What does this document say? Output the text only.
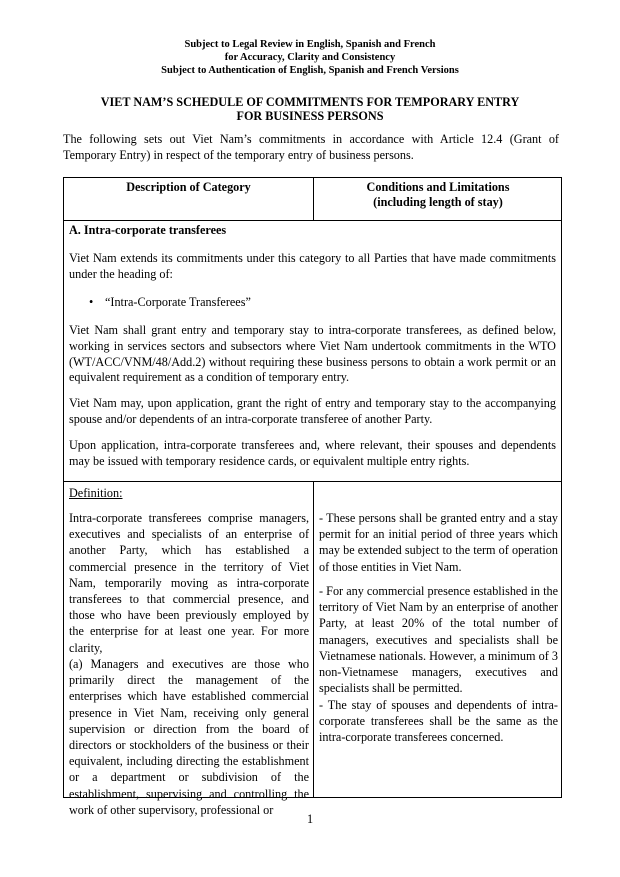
Subject to Legal Review in English, Spanish and French
for Accuracy, Clarity and Consistency
Subject to Authentication of English, Spanish and French Versions
VIET NAM’S SCHEDULE OF COMMITMENTS FOR TEMPORARY ENTRY
FOR BUSINESS PERSONS

The following sets out Viet Nam’s commitments in accordance with Article 12.4 (Grant of Temporary Entry) in respect of the temporary entry of business persons.

Description of Category	Conditions and Limitations
(including length of stay)
A. Intra-corporate transferees

Viet Nam extends its commitments under this category to all Parties that have made commitments under the heading of:

• “Intra-Corporate Transferees”

Viet Nam shall grant entry and temporary stay to intra-corporate transferees, as defined below, working in services sectors and subsectors where Viet Nam undertook commitments in the WTO (WT/ACC/VNM/48/Add.2) without requiring these business persons to obtain a work permit or an equivalent requirement as a condition of temporary entry.

Viet Nam may, upon application, grant the right of entry and temporary stay to the accompanying spouse and/or dependents of an intra-corporate transferee of another Party.

Upon application, intra-corporate transferees and, where relevant, their spouses and dependents may be issued with temporary residence cards, or equivalent multiple entry rights.

Definition:

Intra-corporate transferees comprise managers, executives and specialists of an enterprise of another Party, which has established a commercial presence in the territory of Viet Nam, temporarily moving as intra-corporate transferees to that commercial presence, and those who have been previously employed by the enterprise for at least one year. For more clarity,

(a) Managers and executives are those who primarily direct the management of the enterprises which have established commercial presence in Viet Nam, receiving only general supervision or direction from the board of directors or stockholders of the business or their equivalent, including directing the establishment or a department or subdivision of the establishment, supervising and controlling the work of other supervisory, professional or

- These persons shall be granted entry and a stay permit for an initial period of three years which may be extended subject to the term of operation of those entities in Viet Nam.

- For any commercial presence established in the territory of Viet Nam by an enterprise of another Party, at least 20% of the total number of managers, executives and specialists shall be Vietnamese nationals. However, a minimum of 3 non-Vietnamese managers, executives and specialists shall be permitted.

- The stay of spouses and dependents of intra-corporate transferees shall be the same as the intra-corporate transferees concerned.

1
